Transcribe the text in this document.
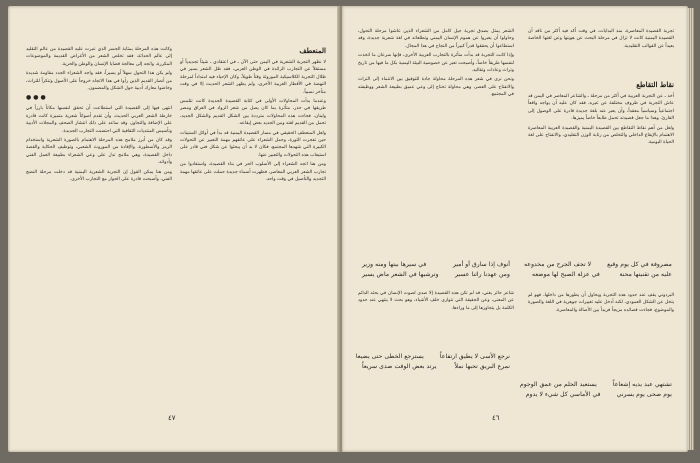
المنعطف

لا نظهر التجربة الشعرية في اليمن حتى الآن ـ في اعتقادي ـ شيئاً تجديدياً أو مستقلاً عن التجارب الرائدة في الوطن العربي، فقد ظل الشعر يسير في ظلال التجربة الكلاسيكية الموروثة وقتاً طويلاً، وكان الإحياء فيه امتداداً لمرحلة النهضة في الأقطار العربية الأخرى، ولم يظهر الشعر الحديث إلا في وقت متأخر نسبياً.

وعندما بدأت المحاولات الأولى في كتابة القصيدة الجديدة كانت تتلمس طريقها في حذر، متأثرة بما كان يصل من شعر الرواد في العراق ومصر ولبنان، فجاءت هذه المحاولات مترددة بين الشكل القديم والشكل الجديد، تحمل من القديم لغته ومن الجديد بعض إيقاعه.

ولعل المنعطف الحقيقي في مسار القصيدة اليمنية قد بدأ في أوائل الستينات حين تفجرت الثورة، وحمل الشعراء على عاتقهم مهمة التعبير عن التحولات الكبيرة التي شهدها المجتمع، فكان لا بد أن يبحثوا عن شكل فني قادر على استيعاب هذه التحولات والتعبير عنها.

ومن هنا اتجه الشعراء إلى الأسلوب الحر في بناء القصيدة، واستفادوا من تجارب الشعر العربي المعاصر، فظهرت أسماء جديدة حملت على عاتقها مهمة التجديد والتأصيل في وقت واحد.

وكانت هذه المرحلة بمثابة الجسر الذي عبرت عليه القصيدة من عالم التقليد إلى عالم الحداثة، فقد تخلص الشعر من الأغراض القديمة والموضوعات المكررة، واتجه إلى معالجة قضايا الإنسان والوطن والحرية.

ولم يكن هذا التحول سهلاً أو يسيراً، فقد واجه الشعراء الجدد مقاومة شديدة من أنصار القديم الذين رأوا في هذا الاتجاه خروجاً على الأصول وتنكراً للتراث، وخاضوا معارك أدبية حول الشكل والمضمون.

●●●

انتهى فيها إلى القصيدة التي استطاعت أن تحقق لنفسها مكاناً بارزاً في خارطة الشعر العربي الحديث، وأن تقدم أصواتاً شعرية متميزة كانت قادرة على الإضافة والتجاوز، وقد ساعد على ذلك انتشار الصحف والمجلات الأدبية وتأسيس المنتديات الثقافية التي احتضنت التجارب الجديدة.

وقد كان من أبرز ملامح هذه المرحلة الاهتمام بالصورة الشعرية واستخدام الرمز والأسطورة، والإفادة من الموروث الشعبي، وتوظيف الحكاية والقصة داخل القصيدة، وهي ملامح تدل على وعي الشعراء بطبيعة العمل الفني وأدواته.

ومن هنا يمكن القول إن التجربة الشعرية اليمنية قد دخلت مرحلة النضج الفني، وأصبحت قادرة على الحوار مع التجارب الأخرى.

٤٧

تجربة القصيدة المعاصرة، منذ البدايات، في وقت أكد فيه أكثر من ناقد أن القصيدة اليمنية كانت لا تزال في مرحلة البحث عن هويتها وعن لغتها الخاصة بعيداً عن القوالب التقليدية.

نقاط التقاطع

أخذ ـ عن التجربة العربية في أكثر من مرحلة ـ والشاعر المعاصر في اليمن قد عاش التجربة في ظروف مختلفة عن غيره، فقد كان عليه أن يواجه واقعاً اجتماعياً وسياسياً معقداً، وأن يعبر عنه بلغة جديدة قادرة على الوصول إلى القارئ، وهذا ما جعل قصيدته تحمل طابعاً خاصاً يميزها.

ولعل من أهم نقاط التقاطع بين القصيدة اليمنية والقصيدة العربية المعاصرة الاهتمام بالإيقاع الداخلي والتخلص من رتابة الوزن التقليدي، والانفتاح على لغة الحياة اليومية.

مصروفة في كل يوم وقيع
لا تجف الجرح من مخدوعه
عليه من تقنيتها محنة
في عزلة الصبح لها موضعه

البردوني يقف عند حدود هذه التجربة ويحاول أن يطورها من داخلها، فهو لم يتخل عن الشكل العمودي، لكنه أدخل عليه تغييرات جوهرية في اللغة والصورة والموضوع، فجاءت قصائده مزيجاً فريداً بين الأصالة والمعاصرة.

تشتهي عبد يديه إشعاعاً
يستعيد الحلم من عمق الوجوم
يوم صحى يوم يسرني
في الأماسي كل شيء لا يدوم

الشعر يمثل بصدق تجربة جيل كامل من الشعراء الذين عاشوا مرحلة التحول، وحاولوا أن يعبروا عن هموم الإنسان اليمني وتطلعاته في لغة شعرية جديدة، وقد استطاعوا أن يحققوا قدراً كبيراً من النجاح في هذا المجال.

وإذا كانت التجربة قد بدأت متأثرة بالتجارب العربية الأخرى، فإنها سرعان ما اتخذت لنفسها طريقاً خاصاً، وأصبحت تعبر عن خصوصية البيئة اليمنية بكل ما فيها من تاريخ وتراث وعادات وتقاليد.

ونحن نرى في شعر هذه المرحلة محاولة جادة للتوفيق بين الانتماء إلى التراث والانفتاح على العصر، وهي محاولة تحتاج إلى وعي عميق بطبيعة الشعر ووظيفته في المجتمع.

أنوف إذا سارق أو أمير
في سيرها بيتها ومنه وزير
ومن عهدنا راثنا عسير
وترشيها في الشعر ماض يسير

شاعر حائر يغني، قد لم تكن هذه القصيدة إلا صدى لصوت الإنسان في بحثه الدائم عن المعنى، وعن الحقيقة التي تتوارى خلف الأشياء، وهو بحث لا ينتهي عند حدود الكلمة بل يتجاوزها إلى ما وراءها.

نرجع الأسى لا يطيق ارتفاعاً
يسترجع الخطى حتى يضيعا
نمرع البريق تحبها نملاً
يرتد بعض الوقت صدى سريعاً
٤٦
